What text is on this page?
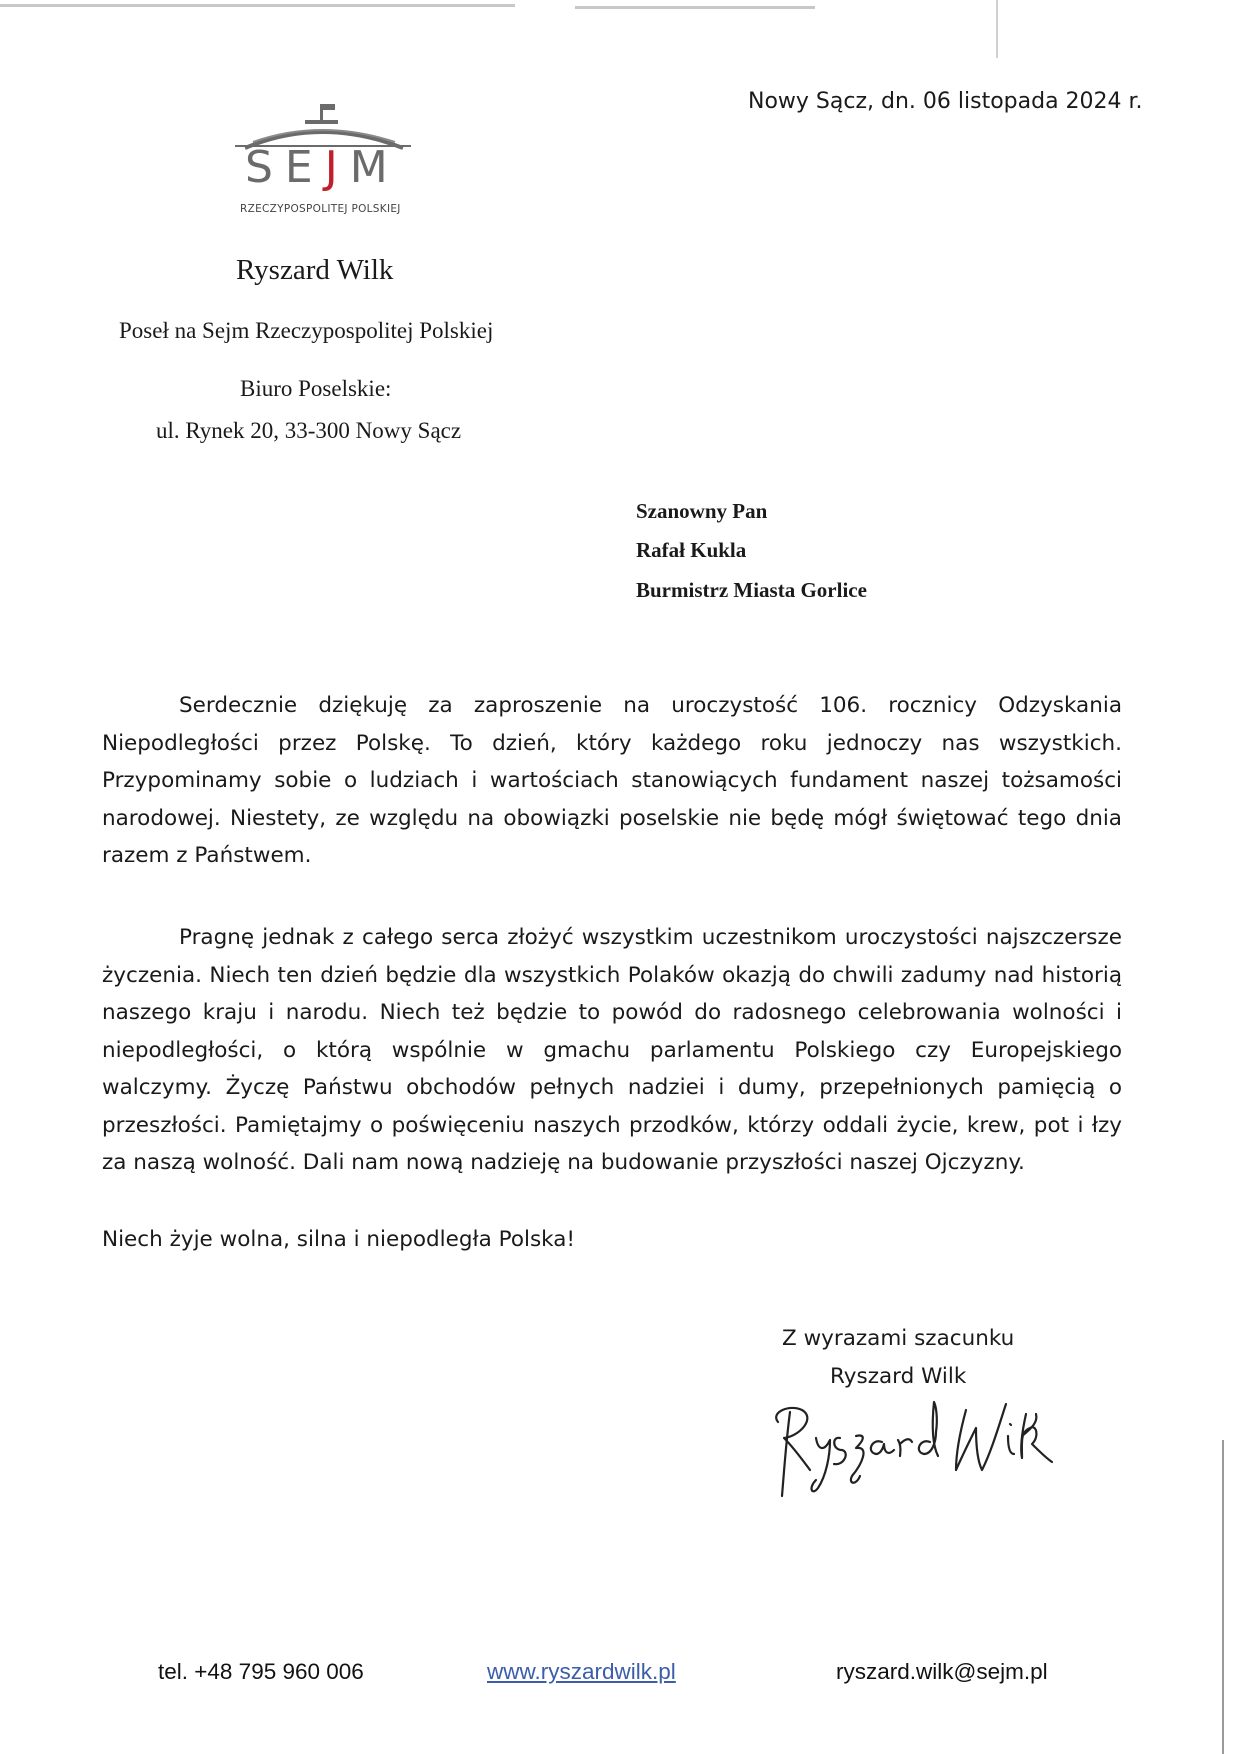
SEJM
RZECZYPOSPOLITEJ POLSKIEJ
Nowy Sącz, dn. 06 listopada 2024 r.
Ryszard Wilk
Poseł na Sejm Rzeczypospolitej Polskiej
Biuro Poselskie:
ul. Rynek 20, 33-300 Nowy Sącz
Szanowny Pan
Rafał Kukla
Burmistrz Miasta Gorlice

Serdecznie dziękuję za zaproszenie na uroczystość 106. rocznicy Odzyskania Niepodległości przez Polskę. To dzień, który każdego roku jednoczy nas wszystkich. Przypominamy sobie o ludziach i wartościach stanowiących fundament naszej tożsamości narodowej. Niestety, ze względu na obowiązki poselskie nie będę mógł świętować tego dnia razem z Państwem.

Pragnę jednak z całego serca złożyć wszystkim uczestnikom uroczystości najszczersze życzenia. Niech ten dzień będzie dla wszystkich Polaków okazją do chwili zadumy nad historią naszego kraju i narodu. Niech też będzie to powód do radosnego celebrowania wolności i niepodległości, o którą wspólnie w gmachu parlamentu Polskiego czy Europejskiego walczymy. Życzę Państwu obchodów pełnych nadziei i dumy, przepełnionych pamięcią o przeszłości. Pamiętajmy o poświęceniu naszych przodków, którzy oddali życie, krew, pot i łzy za naszą wolność. Dali nam nową nadzieję na budowanie przyszłości naszej Ojczyzny.

Niech żyje wolna, silna i niepodległa Polska!
Z wyrazami szacunku
Ryszard Wilk
tel. +48 795 960 006	www.ryszardwilk.pl	ryszard.wilk@sejm.pl
